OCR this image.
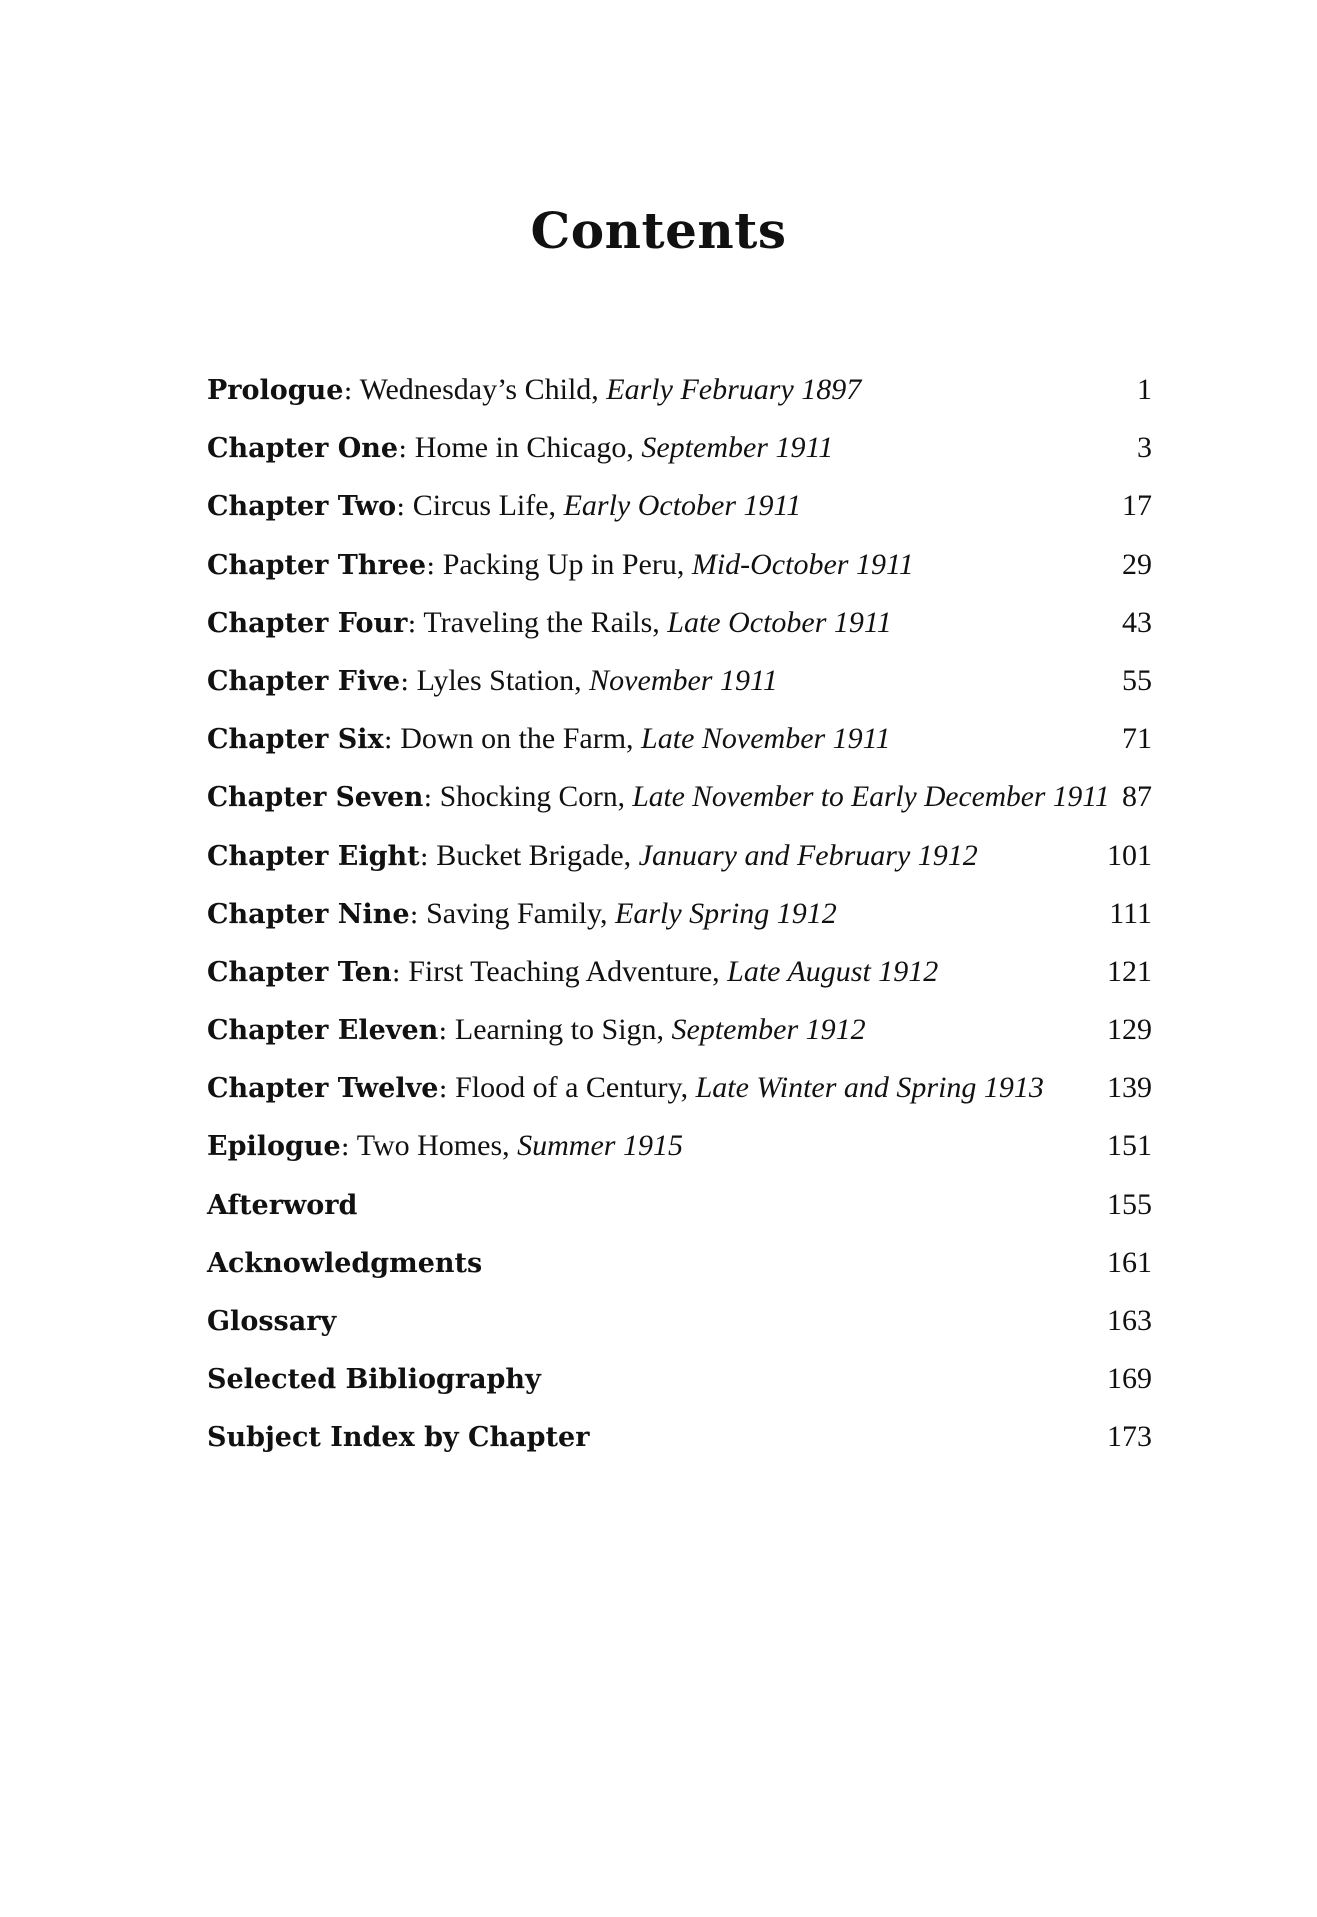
Contents
Prologue: Wednesday’s Child, Early February 1897	1
Chapter One: Home in Chicago, September 1911	3
Chapter Two: Circus Life, Early October 1911	17
Chapter Three: Packing Up in Peru, Mid-October 1911	29
Chapter Four: Traveling the Rails, Late October 1911	43
Chapter Five: Lyles Station, November 1911	55
Chapter Six: Down on the Farm, Late November 1911	71
Chapter Seven: Shocking Corn, Late November to Early December 1911 87
Chapter Eight: Bucket Brigade, January and February 1912	101
Chapter Nine: Saving Family, Early Spring 1912	111
Chapter Ten: First Teaching Adventure, Late August 1912	121
Chapter Eleven: Learning to Sign, September 1912	129
Chapter Twelve: Flood of a Century, Late Winter and Spring 1913 139
Epilogue: Two Homes, Summer 1915	151
Afterword	155
Acknowledgments	161
Glossary	163
Selected Bibliography	169
Subject Index by Chapter	173
